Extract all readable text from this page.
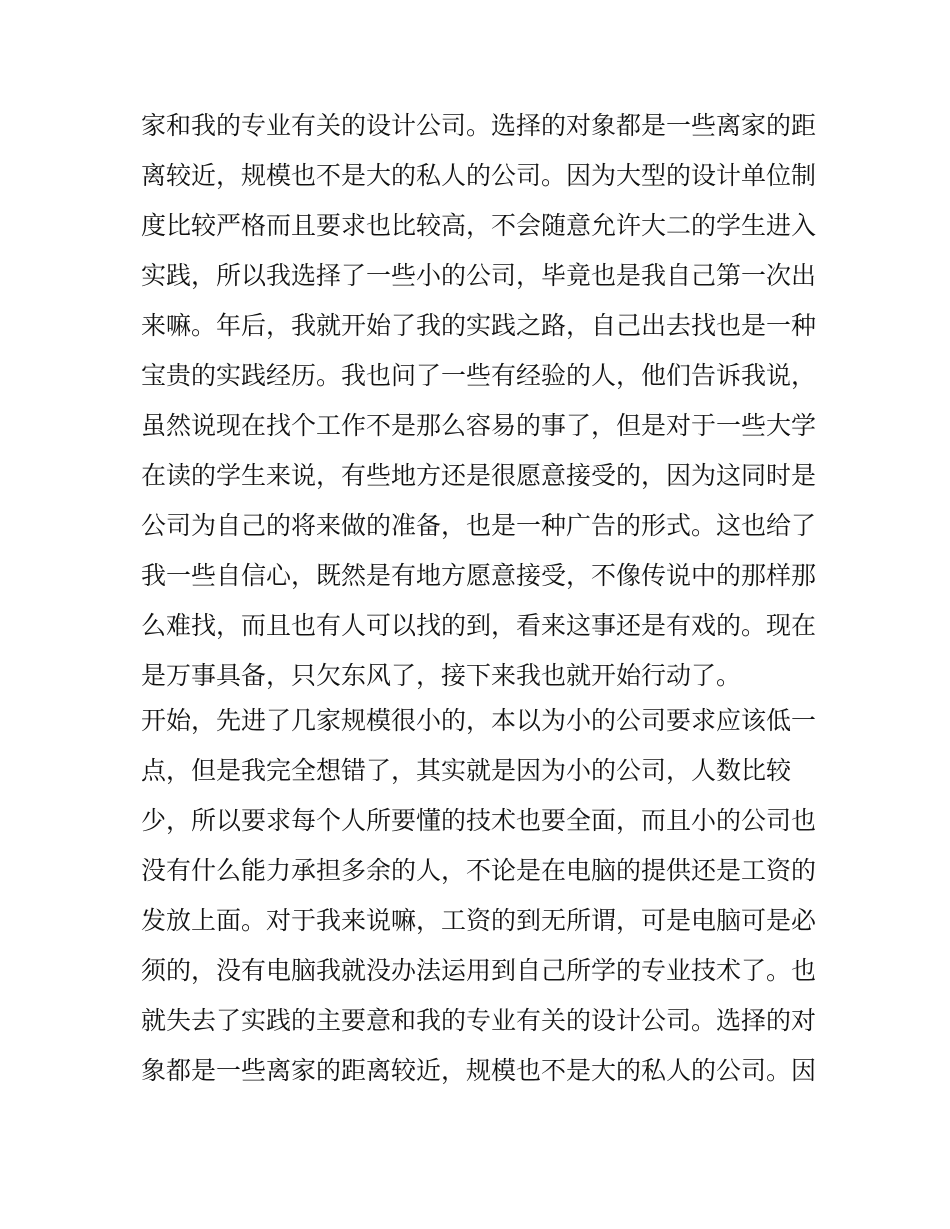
家和我的专业有关的设计公司。选择的对象都是一些离家的距
离较近，规模也不是大的私人的公司。因为大型的设计单位制
度比较严格而且要求也比较高，不会随意允许大二的学生进入
实践，所以我选择了一些小的公司，毕竟也是我自己第一次出
来嘛。年后，我就开始了我的实践之路，自己出去找也是一种
宝贵的实践经历。我也问了一些有经验的人，他们告诉我说，
虽然说现在找个工作不是那么容易的事了，但是对于一些大学
在读的学生来说，有些地方还是很愿意接受的，因为这同时是
公司为自己的将来做的准备，也是一种广告的形式。这也给了
我一些自信心，既然是有地方愿意接受，不像传说中的那样那
么难找，而且也有人可以找的到，看来这事还是有戏的。现在
是万事具备，只欠东风了，接下来我也就开始行动了。
开始，先进了几家规模很小的，本以为小的公司要求应该低一
点，但是我完全想错了，其实就是因为小的公司，人数比较
少，所以要求每个人所要懂的技术也要全面，而且小的公司也
没有什么能力承担多余的人，不论是在电脑的提供还是工资的
发放上面。对于我来说嘛，工资的到无所谓，可是电脑可是必
须的，没有电脑我就没办法运用到自己所学的专业技术了。也
就失去了实践的主要意和我的专业有关的设计公司。选择的对
象都是一些离家的距离较近，规模也不是大的私人的公司。因
